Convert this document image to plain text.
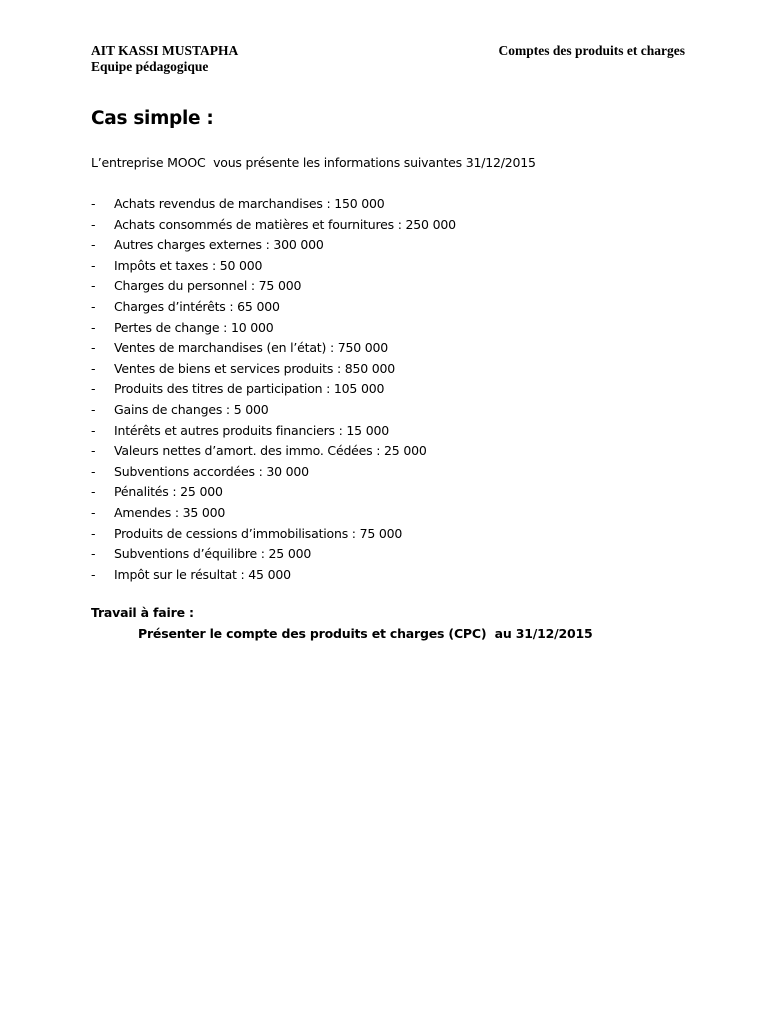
AIT KASSI MUSTAPHA
Equipe pédagogique
Comptes des produits et charges
Cas simple :
L’entreprise MOOC  vous présente les informations suivantes 31/12/2015
- Achats revendus de marchandises : 150 000
- Achats consommés de matières et fournitures : 250 000
- Autres charges externes : 300 000
- Impôts et taxes : 50 000
- Charges du personnel : 75 000
- Charges d’intérêts : 65 000
- Pertes de change : 10 000
- Ventes de marchandises (en l’état) : 750 000
- Ventes de biens et services produits : 850 000
- Produits des titres de participation : 105 000
- Gains de changes : 5 000
- Intérêts et autres produits financiers : 15 000
- Valeurs nettes d’amort. des immo. Cédées : 25 000
- Subventions accordées : 30 000
- Pénalités : 25 000
- Amendes : 35 000
- Produits de cessions d’immobilisations : 75 000
- Subventions d’équilibre : 25 000
- Impôt sur le résultat : 45 000
Travail à faire :
Présenter le compte des produits et charges (CPC)  au 31/12/2015
